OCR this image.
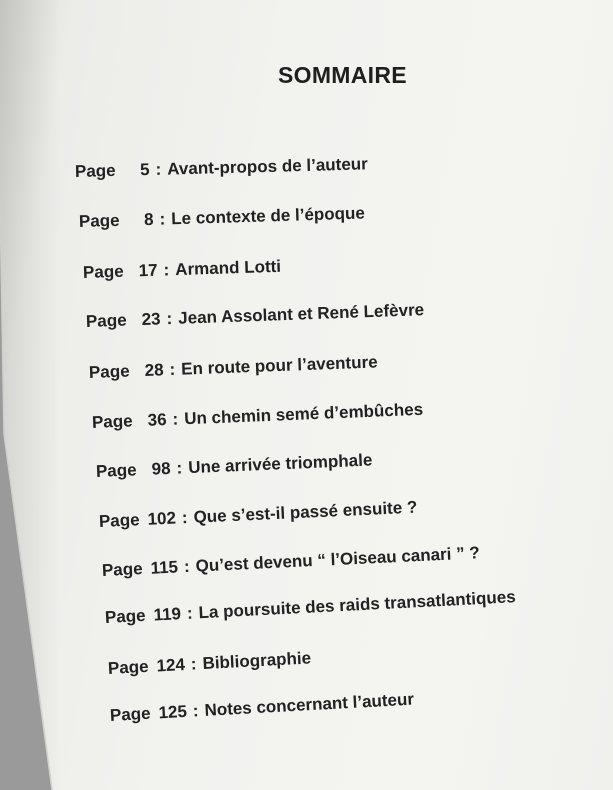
SOMMAIRE
Page 5 : Avant-propos de l’auteur
Page 8 : Le contexte de l’époque
Page 17 : Armand Lotti
Page 23 : Jean Assolant et René Lefèvre
Page 28 : En route pour l’aventure
Page 36 : Un chemin semé d’embûches
Page 98 : Une arrivée triomphale
Page 102 : Que s’est-il passé ensuite ?
Page 115 : Qu’est devenu “ l’Oiseau canari ” ?
Page 119 : La poursuite des raids transatlantiques
Page 124 : Bibliographie
Page 125 : Notes concernant l’auteur
